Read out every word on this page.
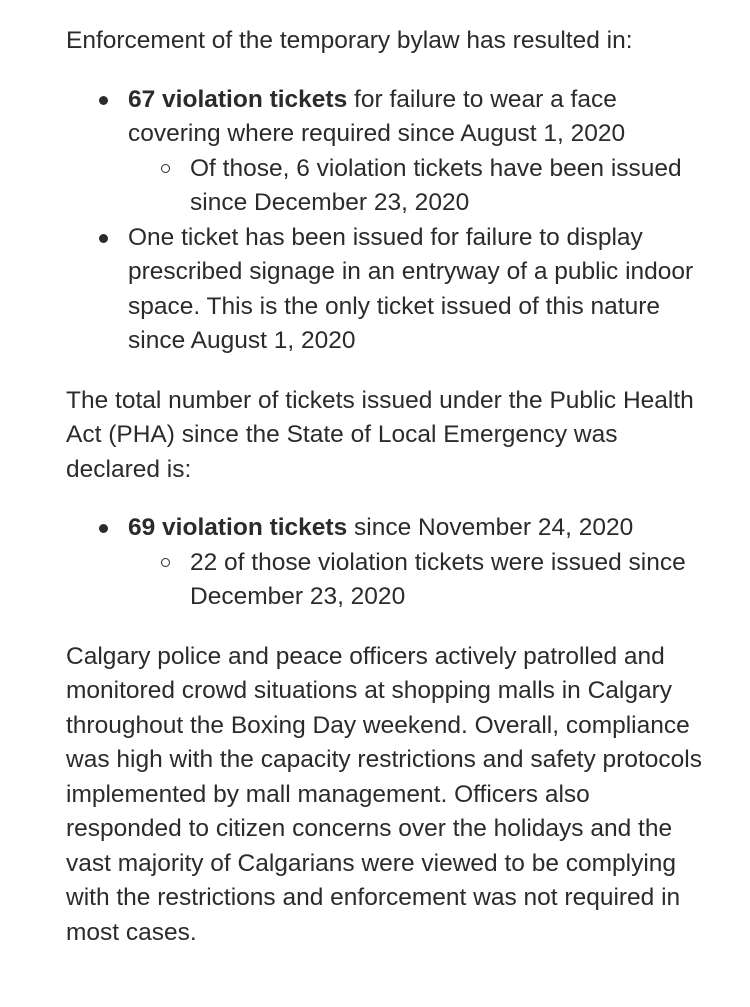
Enforcement of the temporary bylaw has resulted in:

67 violation tickets for failure to wear a face covering where required since August 1, 2020
Of those, 6 violation tickets have been issued since December 23, 2020
One ticket has been issued for failure to display prescribed signage in an entryway of a public indoor space. This is the only ticket issued of this nature since August 1, 2020

The total number of tickets issued under the Public Health Act (PHA) since the State of Local Emergency was declared is:

69 violation tickets since November 24, 2020
22 of those violation tickets were issued since December 23, 2020

Calgary police and peace officers actively patrolled and monitored crowd situations at shopping malls in Calgary throughout the Boxing Day weekend. Overall, compliance was high with the capacity restrictions and safety protocols implemented by mall management. Officers also responded to citizen concerns over the holidays and the vast majority of Calgarians were viewed to be complying with the restrictions and enforcement was not required in most cases.
